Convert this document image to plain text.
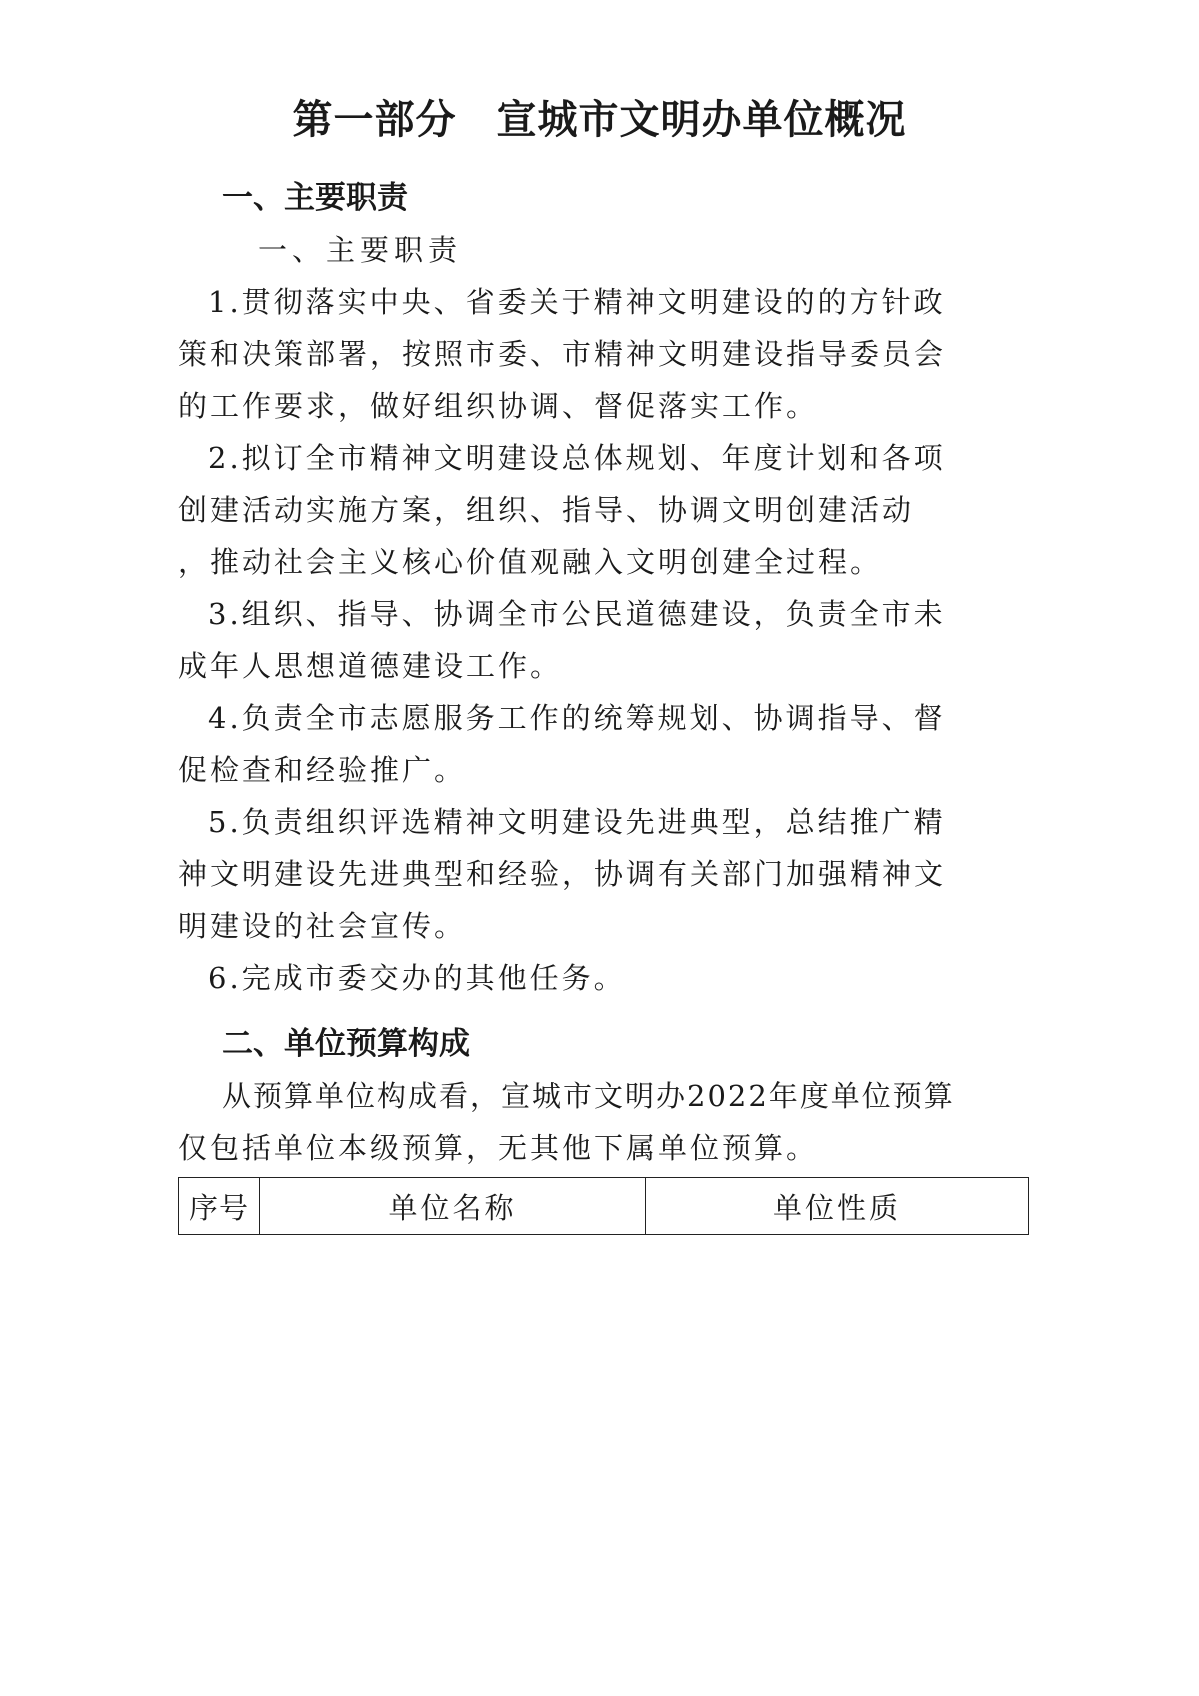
第一部分 宣城市文明办单位概况
一、主要职责
一、主要职责
1.贯彻落实中央、省委关于精神文明建设的的方针政
策和决策部署，按照市委、市精神文明建设指导委员会
的工作要求，做好组织协调、督促落实工作。
2.拟订全市精神文明建设总体规划、年度计划和各项
创建活动实施方案，组织、指导、协调文明创建活动
，推动社会主义核心价值观融入文明创建全过程。
3.组织、指导、协调全市公民道德建设，负责全市未
成年人思想道德建设工作。
4.负责全市志愿服务工作的统筹规划、协调指导、督
促检查和经验推广。
5.负责组织评选精神文明建设先进典型，总结推广精
神文明建设先进典型和经验，协调有关部门加强精神文
明建设的社会宣传。
6.完成市委交办的其他任务。
二、单位预算构成
从预算单位构成看，宣城市文明办2022年度单位预算
仅包括单位本级预算，无其他下属单位预算。
序号	单位名称	单位性质
